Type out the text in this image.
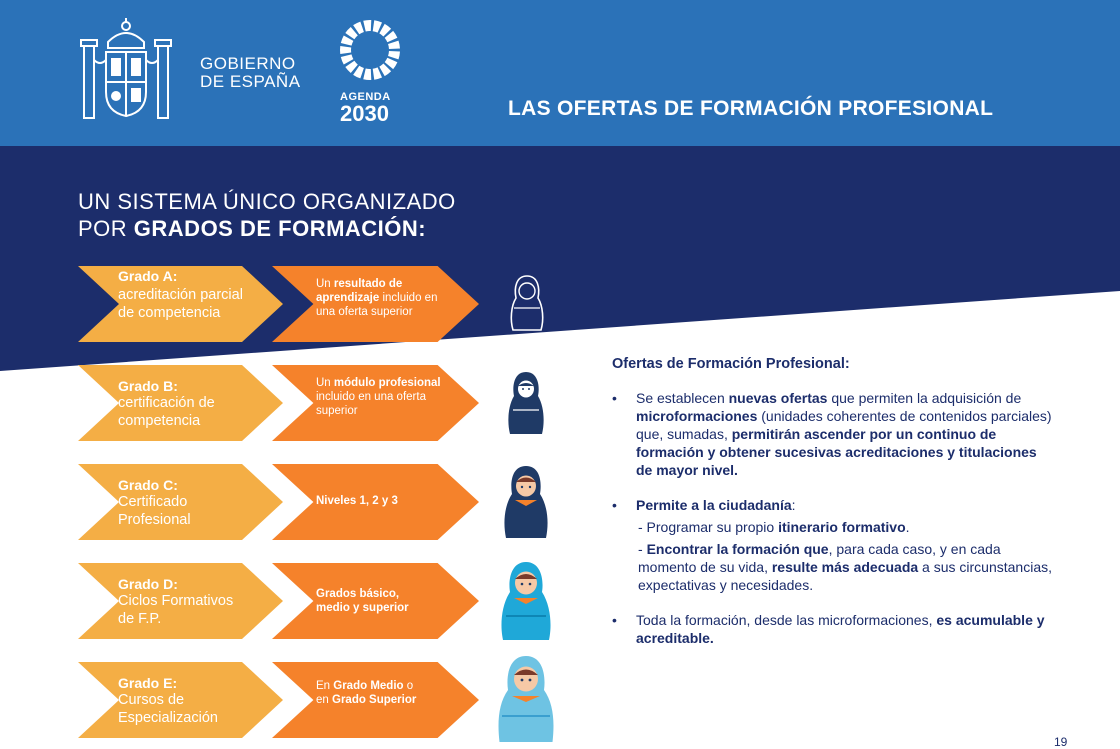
GOBIERNO
DE ESPAÑA
AGENDA
2030	LAS OFERTAS DE FORMACIÓN PROFESIONAL
UN SISTEMA ÚNICO ORGANIZADO
POR GRADOS DE FORMACIÓN:
Grado A:
acreditación parcial de competencia
Un resultado de aprendizaje incluido en una oferta superior
Grado B:
certificación de competencia
Un módulo profesional incluido en una oferta superior
Grado C:
Certificado Profesional
Niveles 1, 2 y 3
Grado D:
Ciclos Formativos de F.P.
Grados básico, medio y superior
Grado E:
Cursos de Especialización
En Grado Medio o en Grado Superior
Ofertas de Formación Profesional:
• Se establecen nuevas ofertas que permiten la adquisición de microformaciones (unidades coherentes de contenidos parciales) que, sumadas, permitirán ascender por un continuo de formación y obtener sucesivas acreditaciones y titulaciones de mayor nivel.
• Permite a la ciudadanía:
- Programar su propio itinerario formativo.
- Encontrar la formación que, para cada caso, y en cada momento de su vida, resulte más adecuada a sus circunstancias, expectativas y necesidades.
• Toda la formación, desde las microformaciones, es acumulable y acreditable.
19
